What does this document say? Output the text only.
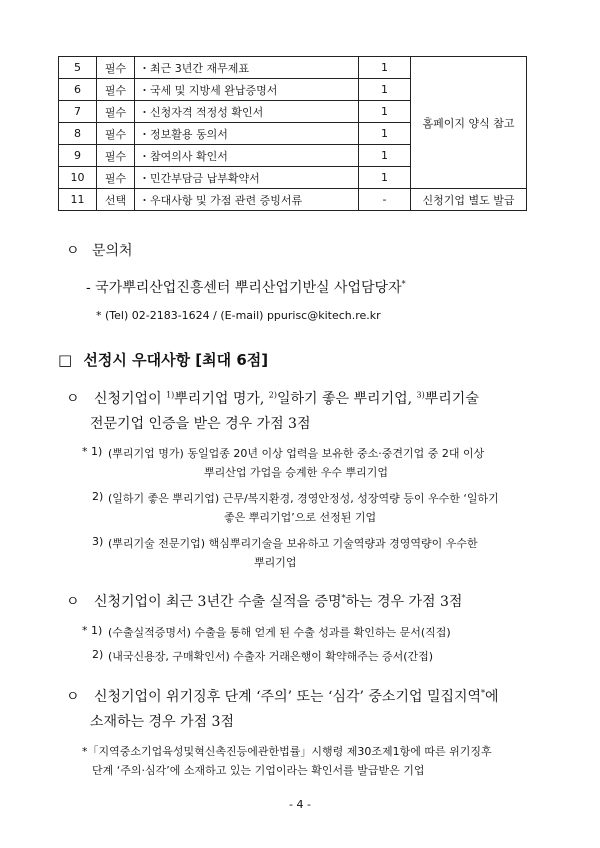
5	필수	・최근 3년간 재무제표	1	홈페이지 양식 참고
6	필수	・국세 및 지방세 완납증명서	1	
7	필수	・신청자격 적정성 확인서	1	
8	필수	・정보활용 동의서	1	
9	필수	・참여의사 확인서	1	
10	필수	・민간부담금 납부확약서	1	
11	선택	・우대사항 및 가점 관련 증빙서류	-	신청기업 별도 발급
ㅇ 문의처
- 국가뿌리산업진흥센터 뿌리산업기반실 사업담당자*
* (Tel) 02-2183-1624 / (E-mail) ppurisc@kitech.re.kr
□ 선정시 우대사항 [최대 6점]
ㅇ 신청기업이 $^{1)}$뿌리기업 명가, $^{2)}$일하기 좋은 뿌리기업, $^{3)}$뿌리기술
전문기업 인증을 받은 경우 가점 3점
* 1) (뿌리기업 명가) 동일업종 20년 이상 업력을 보유한 중소·중견기업 중 2대 이상
뿌리산업 가업을 승계한 우수 뿌리기업
2) (일하기 좋은 뿌리기업) 근무/복지환경, 경영안정성, 성장역량 등이 우수한 ‘일하기
좋은 뿌리기업’으로 선정된 기업
3) (뿌리기술 전문기업) 핵심뿌리기술을 보유하고 기술역량과 경영역량이 우수한
뿌리기업
ㅇ 신청기업이 최근 3년간 수출 실적을 증명*하는 경우 가점 3점
* 1) (수출실적증명서) 수출을 통해 얻게 된 수출 성과를 확인하는 문서(직접)
2) (내국신용장, 구매확인서) 수출자 거래은행이 확약해주는 증서(간접)
ㅇ 신청기업이 위기징후 단계 ‘주의’ 또는 ‘심각’ 중소기업 밀집지역*에
소재하는 경우 가점 3점
*「지역중소기업육성및혁신촉진등에관한법률」시행령 제30조제1항에 따른 위기징후
단계 ‘주의·심각’에 소재하고 있는 기업이라는 확인서를 발급받은 기업
- 4 -
